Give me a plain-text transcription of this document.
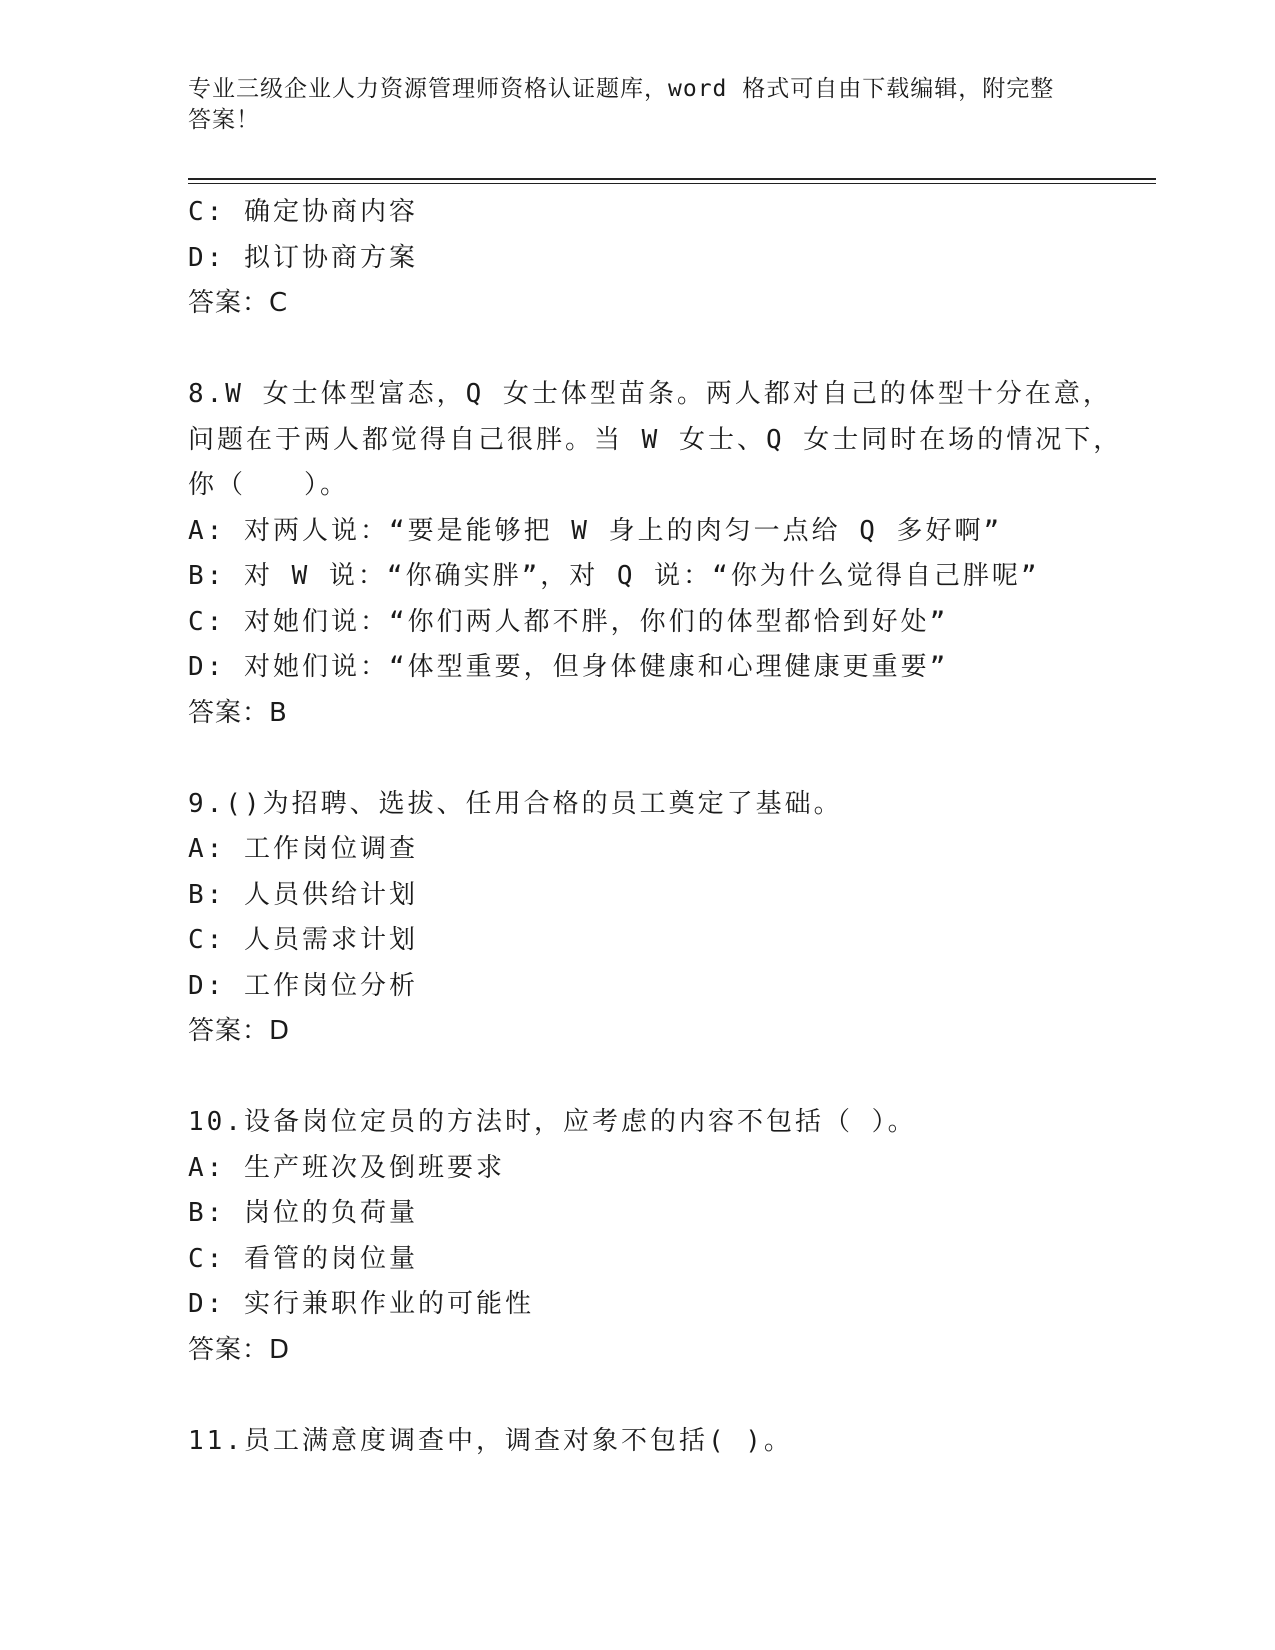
专业三级企业人力资源管理师资格认证题库，word 格式可自由下载编辑，附完整
答案！
C: 确定协商内容
D: 拟订协商方案
答案：C
8.W 女士体型富态，Q 女士体型苗条。两人都对自己的体型十分在意，
问题在于两人都觉得自己很胖。当 W 女士、Q 女士同时在场的情况下，
你（　　）。
A: 对两人说：“要是能够把 W 身上的肉匀一点给 Q 多好啊”
B: 对 W 说：“你确实胖”，对 Q 说：“你为什么觉得自己胖呢”
C: 对她们说：“你们两人都不胖，你们的体型都恰到好处”
D: 对她们说：“体型重要，但身体健康和心理健康更重要”
答案：B
9.()为招聘、选拔、任用合格的员工奠定了基础。
A: 工作岗位调查
B: 人员供给计划
C: 人员需求计划
D: 工作岗位分析
答案：D
10.设备岗位定员的方法时，应考虑的内容不包括（ ）。
A: 生产班次及倒班要求
B: 岗位的负荷量
C: 看管的岗位量
D: 实行兼职作业的可能性
答案：D
11.员工满意度调查中，调查对象不包括( )。
